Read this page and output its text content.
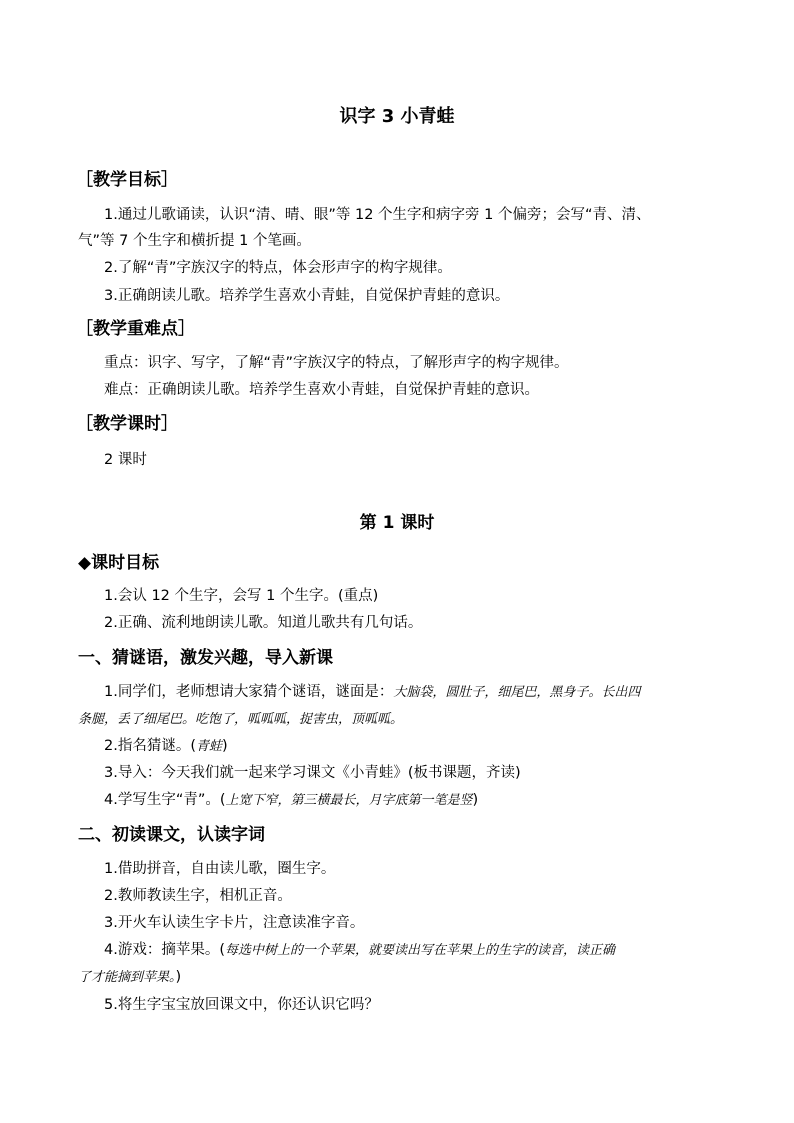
识字 3 小青蛙
［教学目标］
1.通过儿歌诵读，认识“清、晴、眼”等 12 个生字和病字旁 1 个偏旁；会写“青、清、
气”等 7 个生字和横折提 1 个笔画。
2.了解“青”字族汉字的特点，体会形声字的构字规律。
3.正确朗读儿歌。培养学生喜欢小青蛙，自觉保护青蛙的意识。
［教学重难点］
重点：识字、写字，了解“青”字族汉字的特点，了解形声字的构字规律。
难点：正确朗读儿歌。培养学生喜欢小青蛙，自觉保护青蛙的意识。
［教学课时］
2 课时
第 1 课时
◆课时目标
1.会认 12 个生字，会写 1 个生字。(重点)
2.正确、流利地朗读儿歌。知道儿歌共有几句话。
一、猜谜语，激发兴趣，导入新课
1.同学们，老师想请大家猜个谜语，谜面是：大脑袋，圆肚子，细尾巴，黑身子。长出四
条腿，丢了细尾巴。吃饱了，呱呱呱，捉害虫，顶呱呱。
2.指名猜谜。(青蛙)
3.导入：今天我们就一起来学习课文《小青蛙》(板书课题，齐读)
4.学写生字“青”。(上宽下窄，第三横最长，月字底第一笔是竖)
二、初读课文，认读字词
1.借助拼音，自由读儿歌，圈生字。
2.教师教读生字，相机正音。
3.开火车认读生字卡片，注意读准字音。
4.游戏：摘苹果。(每选中树上的一个苹果，就要读出写在苹果上的生字的读音，读正确
了才能摘到苹果。)
5.将生字宝宝放回课文中，你还认识它吗？
